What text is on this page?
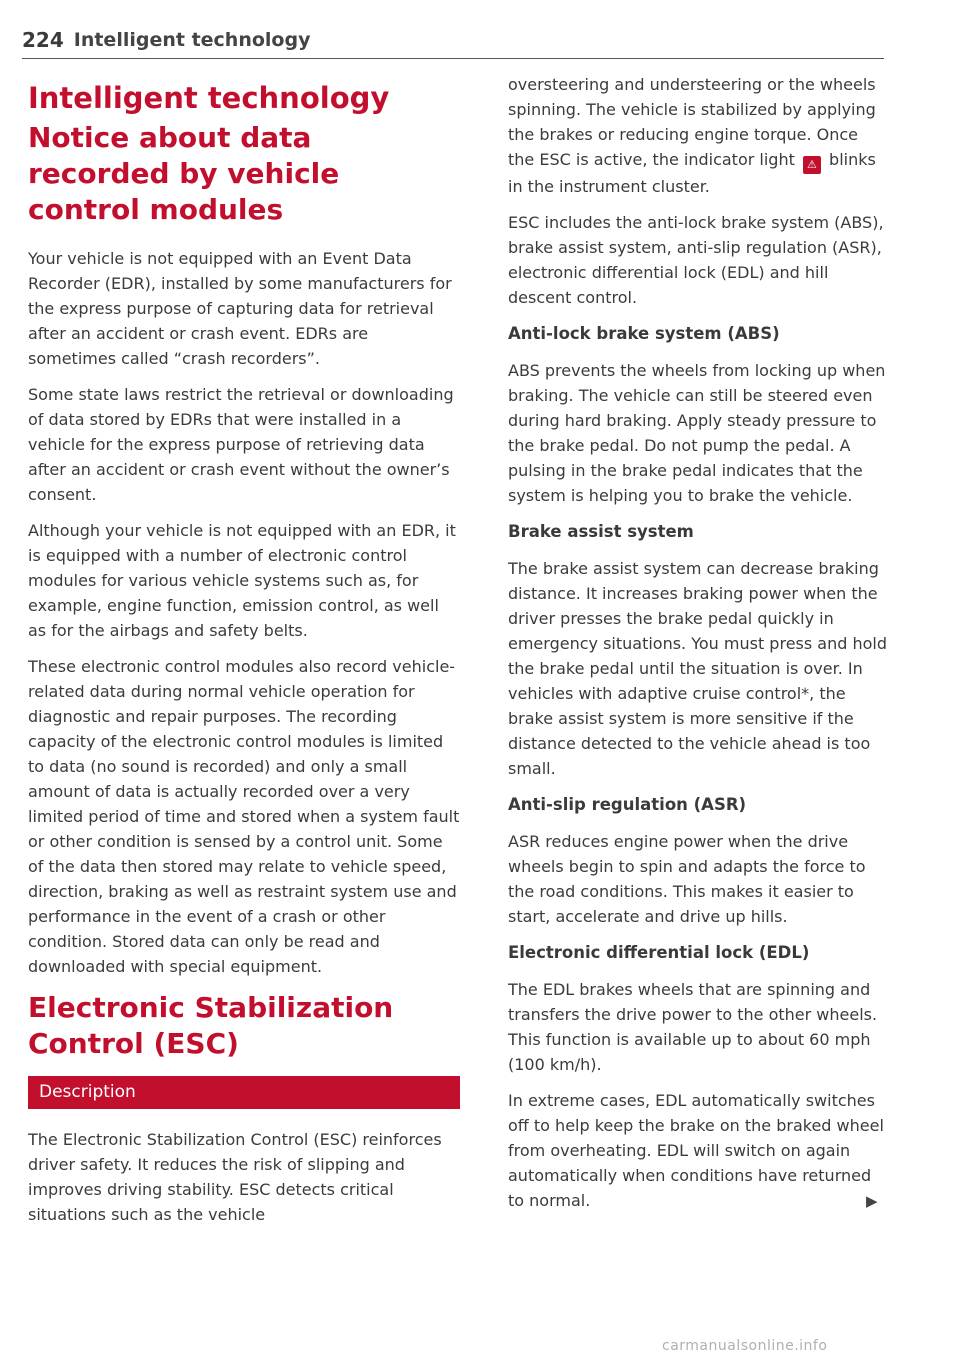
224 Intelligent technology
Intelligent technology
Notice about data recorded by vehicle control modules

Your vehicle is not equipped with an Event Data Recorder (EDR), installed by some manufacturers for the express purpose of capturing data for retrieval after an accident or crash event. EDRs are sometimes called “crash recorders”.

Some state laws restrict the retrieval or downloading of data stored by EDRs that were installed in a vehicle for the express purpose of retrieving data after an accident or crash event without the owner’s consent.

Although your vehicle is not equipped with an EDR, it is equipped with a number of electronic control modules for various vehicle systems such as, for example, engine function, emission control, as well as for the airbags and safety belts.

These electronic control modules also record vehicle-related data during normal vehicle operation for diagnostic and repair purposes. The recording capacity of the electronic control modules is limited to data (no sound is recorded) and only a small amount of data is actually recorded over a very limited period of time and stored when a system fault or other condition is sensed by a control unit. Some of the data then stored may relate to vehicle speed, direction, braking as well as restraint system use and performance in the event of a crash or other condition. Stored data can only be read and downloaded with special equipment.

Electronic Stabilization Control (ESC)
Description

The Electronic Stabilization Control (ESC) reinforces driver safety. It reduces the risk of slipping and improves driving stability. ESC detects critical situations such as the vehicle

oversteering and understeering or the wheels spinning. The vehicle is stabilized by applying the brakes or reducing engine torque. Once the ESC is active, the indicator light ⚠ blinks in the instrument cluster.

ESC includes the anti-lock brake system (ABS), brake assist system, anti-slip regulation (ASR), electronic differential lock (EDL) and hill descent control.

Anti-lock brake system (ABS)

ABS prevents the wheels from locking up when braking. The vehicle can still be steered even during hard braking. Apply steady pressure to the brake pedal. Do not pump the pedal. A pulsing in the brake pedal indicates that the system is helping you to brake the vehicle.

Brake assist system

The brake assist system can decrease braking distance. It increases braking power when the driver presses the brake pedal quickly in emergency situations. You must press and hold the brake pedal until the situation is over. In vehicles with adaptive cruise control*, the brake assist system is more sensitive if the distance detected to the vehicle ahead is too small.

Anti-slip regulation (ASR)

ASR reduces engine power when the drive wheels begin to spin and adapts the force to the road conditions. This makes it easier to start, accelerate and drive up hills.

Electronic differential lock (EDL)

The EDL brakes wheels that are spinning and transfers the drive power to the other wheels. This function is available up to about 60 mph (100 km/h).

In extreme cases, EDL automatically switches off to help keep the brake on the braked wheel from overheating. EDL will switch on again automatically when conditions have returned to normal.	▶
carmanualsonline.info
